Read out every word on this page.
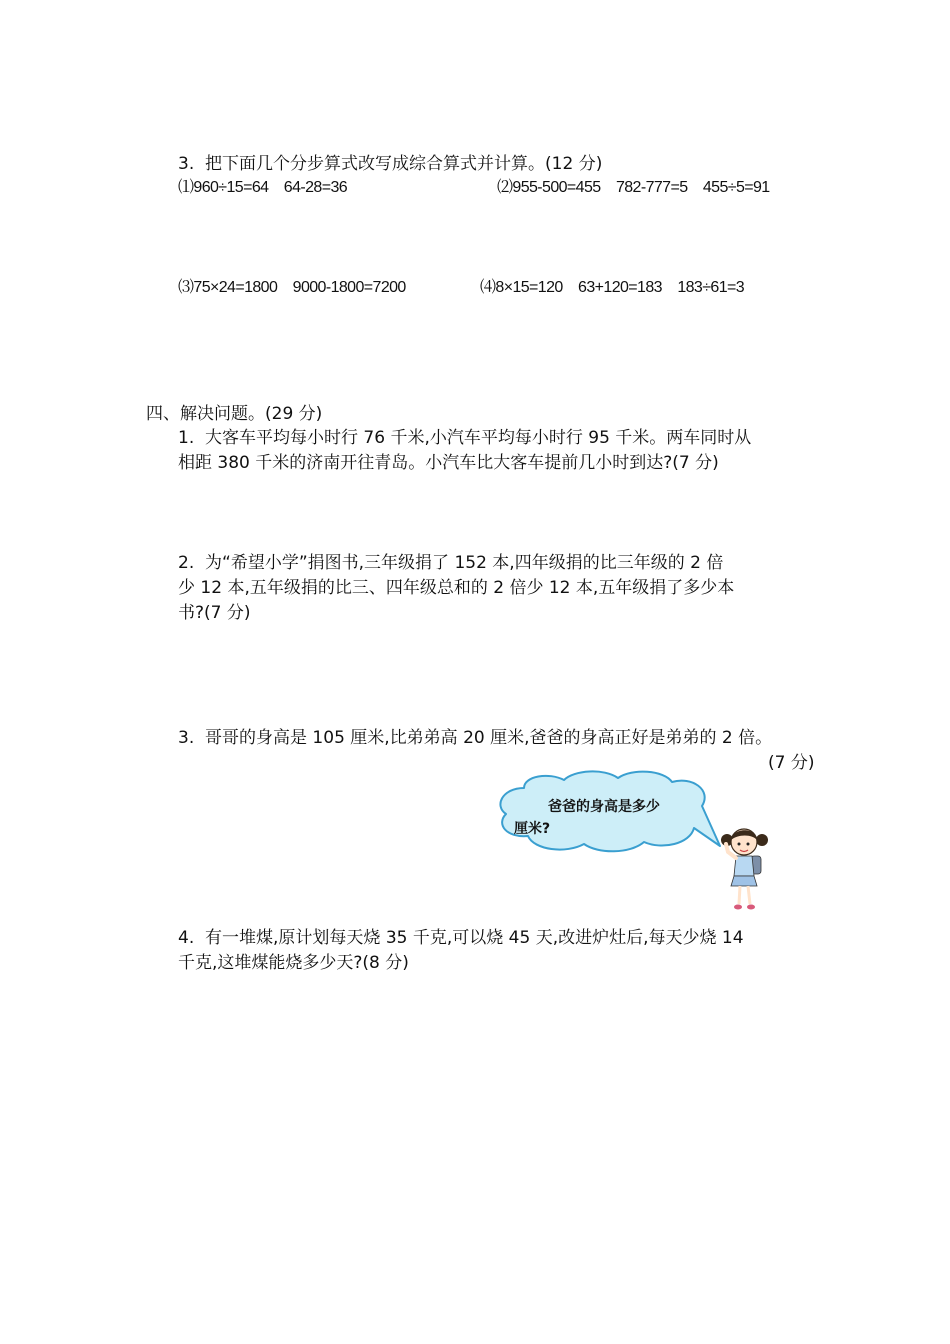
3.  把下面几个分步算式改写成综合算式并计算。(12 分)
⑴960÷15=64    64-28=36	⑵955-500=455    782-777=5    455÷5=91
⑶75×24=1800    9000-1800=7200	⑷8×15=120    63+120=183    183÷61=3
四、解决问题。(29 分)
1.  大客车平均每小时行 76 千米,小汽车平均每小时行 95 千米。两车同时从
相距 380 千米的济南开往青岛。小汽车比大客车提前几小时到达?(7 分)
2.  为“希望小学”捐图书,三年级捐了 152 本,四年级捐的比三年级的 2 倍
少 12 本,五年级捐的比三、四年级总和的 2 倍少 12 本,五年级捐了多少本
书?(7 分)
3.  哥哥的身高是 105 厘米,比弟弟高 20 厘米,爸爸的身高正好是弟弟的 2 倍。
(7 分)
爸爸的身高是多少
厘米?
4.  有一堆煤,原计划每天烧 35 千克,可以烧 45 天,改进炉灶后,每天少烧 14
千克,这堆煤能烧多少天?(8 分)
